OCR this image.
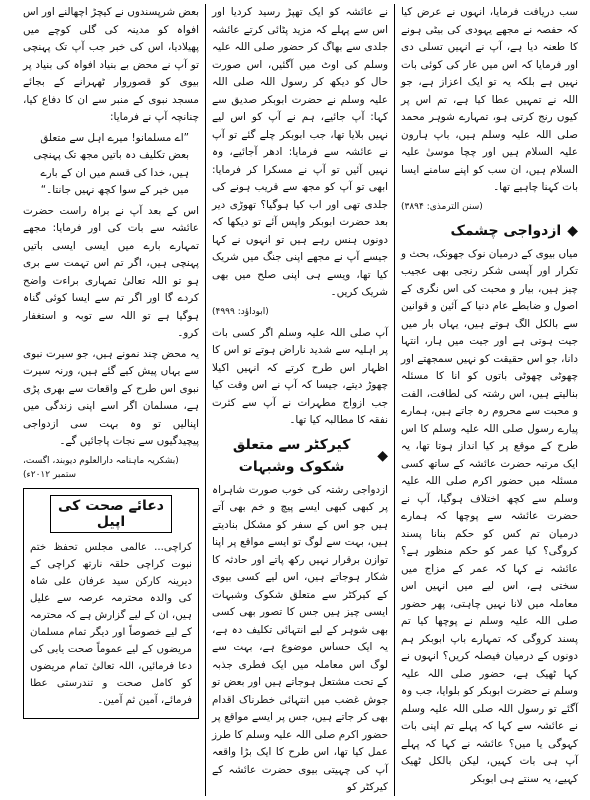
سب دریافت فرمایا، انہوں نے عرض کیا کہ حفصہ نے مجھے یہودی کی بیٹی ہونے کا طعنہ دیا ہے، آپ نے انہیں تسلی دی اور فرمایا کہ اس میں عار کی کوئی بات نہیں ہے بلکہ یہ تو ایک اعزاز ہے، جو اللہ نے تمہیں عطا کیا ہے، تم اس پر کیوں رنج کرتی ہو، تمہارے شوہر محمد صلی اللہ علیہ وسلم ہیں، باپ ہارون علیہ السلام ہیں اور چچا موسیٰ علیہ السلام ہیں، ان سب کو اپنے سامنے ایسا بات کہنا چاہیے تھا۔

(سنن الترمذی: ۳۸۹۴)
◆
ازدواجی چشمک

میاں بیوی کے درمیان نوک جھونک، بحث و تکرار اور آپسی شکر رنجی بھی عجیب چیز ہیں، بیار و محبت کی اس نگری کے اصول و ضابطے عام دنیا کے آئین و قوانین سے بالکل الگ ہوتے ہیں، یہاں بار میں جیت ہوتی ہے اور جیت میں ہار، انتہا دانا، جو اس حقیقت کو نہیں سمجھتے اور چھوٹی چھوٹی باتوں کو انا کا مسئلہ بنالیتے ہیں، اس رشتہ کی لطافت، الفت و محبت سے محروم رہ جاتے ہیں، ہمارے پیارے رسول صلی اللہ علیہ وسلم کا اس طرح کے موقع پر کیا انداز ہوتا تھا، یہ ایک مرتبہ حضرت عائشہ کے ساتھ کسی مسئلہ میں حضور اکرم صلی اللہ علیہ وسلم سے کچھ اختلاف ہوگیا، آپ نے حضرت عائشہ سے پوچھا کہ ہمارے درمیان تم کس کو حکم بنانا پسند کروگی؟ کیا عمر کو حکم منظور ہے؟ عائشہ نے کہا کہ عمر کے مزاج میں سختی ہے، اس لیے میں انہیں اس معاملہ میں لانا نہیں چاہتی، پھر حضور صلی اللہ علیہ وسلم نے پوچھا کیا تم پسند کروگی کہ تمہارے باپ ابوبکر ہم دونوں کے درمیان فیصلہ کریں؟ انہوں نے کہا ٹھیک ہے، حضور صلی اللہ علیہ وسلم نے حضرت ابوبکر کو بلوایا، جب وہ آگئے تو رسول اللہ صلی اللہ علیہ وسلم نے عائشہ سے کہا کہ پہلے تم اپنی بات کہوگی یا میں؟ عائشہ نے کہا کہ پہلے آپ ہی بات کہیں، لیکن بالکل ٹھیک کہیے، یہ سنتے ہی ابوبکر

نے عائشہ کو ایک تھپڑ رسید کردیا اور اس سے پہلے کہ مزید پٹائی کرتے عائشہ جلدی سے بھاگ کر حضور صلی اللہ علیہ وسلم کی اوٹ میں آگئیں، اس صورت حال کو دیکھ کر رسول اللہ صلی اللہ علیہ وسلم نے حضرت ابوبکر صدیق سے کہا: آپ جائیے، ہم نے آپ کو اس لیے نہیں بلایا تھا، جب ابوبکر چلے گئے تو آپ نے عائشہ سے فرمایا: ادھر آجائیے، وہ نہیں آئیں تو آپ نے مسکرا کر فرمایا: ابھی تو آپ کو مجھ سے قریب ہونے کی جلدی تھی اور اب کیا ہوگیا؟ تھوڑی دیر بعد حضرت ابوبکر واپس آئے تو دیکھا کہ دونوں ہنس رہے ہیں تو انہوں نے کہا جیسے آپ نے مجھے اپنی جنگ میں شریک کیا تھا، ویسے ہی اپنی صلح میں بھی شریک کریں۔

(ابوداؤد: ۴۹۹۹)

آپ صلی اللہ علیہ وسلم اگر کسی بات پر اہلیہ سے شدید ناراض ہوتے تو اس کا اظہار اس طرح کرتے کہ انہیں اکیلا چھوڑ دیتے، جیسا کہ آپ نے اس وقت کیا جب ازواج مطہرات نے آپ سے کثرت نفقہ کا مطالبہ کیا تھا۔

◆
کیرکٹر سے متعلق شکوک وشبہات

ازدواجی رشتہ کی خوب صورت شاہراہ پر کبھی کبھی ایسے پیچ و خم بھی آتے ہیں جو اس کے سفر کو مشکل بنادیتے ہیں، بہت سے لوگ تو ایسے مواقع پر اپنا توازن برقرار نہیں رکھ پاتے اور حادثہ کا شکار ہوجاتے ہیں، اس لیے کسی بیوی کے کیرکٹر سے متعلق شکوک وشبہات ایسی چیز ہیں جس کا تصور بھی کسی بھی شوہر کے لیے انتہائی تکلیف دہ ہے، یہ ایک حساس موضوع ہے، بہت سے لوگ اس معاملہ میں ایک فطری جذبہ کے تحت مشتعل ہوجاتے ہیں اور بعض تو جوش غضب میں انتہائی خطرناک اقدام بھی کر جاتے ہیں، جس پر ایسے مواقع پر حضور اکرم صلی اللہ علیہ وسلم کا طرز عمل کیا تھا، اس طرح کا ایک بڑا واقعہ آپ کی چہیتی بیوی حضرت عائشہ کے کیرکٹر کو

بعض شرپسندوں نے کیچڑ اچھالنے اور اس افواہ کو مدینہ کی گلی کوچے میں پھیلادیا، اس کی خبر جب آپ تک پہنچی تو آپ نے محض بے بنیاد افواہ کی بنیاد پر بیوی کو قصوروار ٹھہرانے کے بجائے مسجد نبوی کے منبر سے ان کا دفاع کیا، چنانچہ آپ نے فرمایا:

”اے مسلمانو! میرے اہل سے متعلق بعض تکلیف دہ باتیں مجھ تک پہنچی ہیں، خدا کی قسم میں ان کے بارے میں خیر کے سوا کچھ نہیں جانتا۔“

اس کے بعد آپ نے براہ راست حضرت عائشہ سے بات کی اور فرمایا: مجھے تمہارے بارے میں ایسی ایسی باتیں پہنچی ہیں، اگر تم اس تہمت سے بری ہو تو اللہ تعالیٰ تمہاری براءت واضح کردے گا اور اگر تم سے ایسا کوئی گناہ ہوگیا ہے تو اللہ سے توبہ و استغفار کرو۔

یہ محض چند نمونے ہیں، جو سیرت نبوی سے یہاں پیش کیے گئے ہیں، ورنہ سیرت نبوی اس طرح کے واقعات سے بھری پڑی ہے، مسلمان اگر اسے اپنی زندگی میں اپنالیں تو وہ بہت سی ازدواجی پیچیدگیوں سے نجات پاجائیں گے۔

(بشکریہ ماہنامہ دارالعلوم دیوبند، اگست، ستمبر ۲۰۱۲ء)
دعائے صحت کی اپیل

کراچی... عالمی مجلس تحفظ ختم نبوت کراچی حلقہ نارتھ کراچی کے دیرینہ کارکن سید عرفان علی شاہ کی والدہ محترمہ عرصہ سے علیل ہیں، ان کے لیے گزارش ہے کہ محترمہ کے لیے خصوصاً اور دیگر تمام مسلمان مریضوں کے لیے عموماً صحت یابی کی دعا فرمائیں، اللہ تعالیٰ تمام مریضوں کو کامل صحت و تندرستی عطا فرمائے، آمین ثم آمین۔
